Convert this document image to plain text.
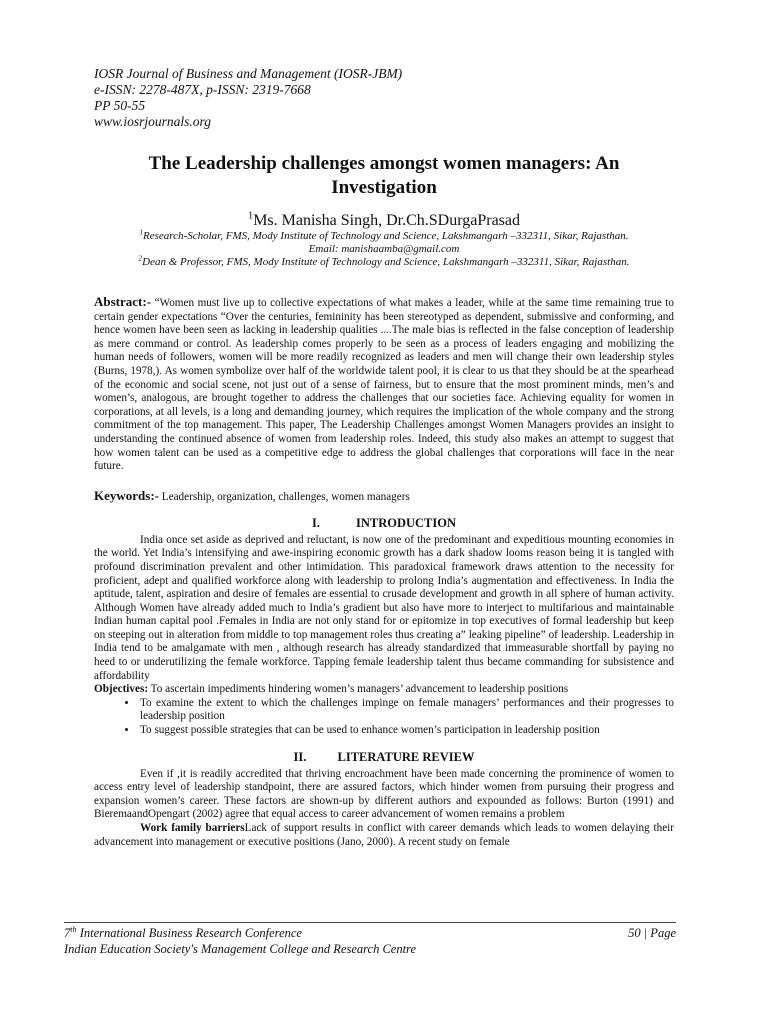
IOSR Journal of Business and Management (IOSR-JBM)
e-ISSN: 2278-487X, p-ISSN: 2319-7668
PP 50-55
www.iosrjournals.org
The Leadership challenges amongst women managers: An Investigation
$^1$Ms. Manisha Singh, Dr.Ch.SDurgaPrasad
$^1$Research-Scholar, FMS, Mody Institute of Technology and Science, Lakshmangarh –332311, Sikar, Rajasthan.
Email: manishaamba@gmail.com
$^2$Dean & Professor, FMS, Mody Institute of Technology and Science, Lakshmangarh –332311, Sikar, Rajasthan.
Abstract:- “Women must live up to collective expectations of what makes a leader, while at the same time remaining true to certain gender expectations “Over the centuries, femininity has been stereotyped as dependent, submissive and conforming, and hence women have been seen as lacking in leadership qualities ....The male bias is reflected in the false conception of leadership as mere command or control. As leadership comes properly to be seen as a process of leaders engaging and mobilizing the human needs of followers, women will be more readily recognized as leaders and men will change their own leadership styles (Burns, 1978,). As women symbolize over half of the worldwide talent pool, it is clear to us that they should be at the spearhead of the economic and social scene, not just out of a sense of fairness, but to ensure that the most prominent minds, men’s and women’s, analogous, are brought together to address the challenges that our societies face. Achieving equality for women in corporations, at all levels, is a long and demanding journey, which requires the implication of the whole company and the strong commitment of the top management. This paper, The Leadership Challenges amongst Women Managers provides an insight to understanding the continued absence of women from leadership roles. Indeed, this study also makes an attempt to suggest that how women talent can be used as a competitive edge to address the global challenges that corporations will face in the near future.
Keywords:- Leadership, organization, challenges, women managers
I.	INTRODUCTION
India once set aside as deprived and reluctant, is now one of the predominant and expeditious mounting economies in the world. Yet India’s intensifying and awe-inspiring economic growth has a dark shadow looms reason being it is tangled with profound discrimination prevalent and other intimidation. This paradoxical framework draws attention to the necessity for proficient, adept and qualified workforce along with leadership to prolong India’s augmentation and effectiveness. In India the aptitude, talent, aspiration and desire of females are essential to crusade development and growth in all sphere of human activity. Although Women have already added much to India’s gradient but also have more to interject to multifarious and maintainable Indian human capital pool .Females in India are not only stand for or epitomize in top executives of formal leadership but keep on steeping out in alteration from middle to top management roles thus creating a” leaking pipeline” of leadership. Leadership in India tend to be amalgamate with men , although research has already standardized that immeasurable shortfall by paying no heed to or underutilizing the female workforce. Tapping female leadership talent thus became commanding for subsistence and affordability
Objectives: To ascertain impediments hindering women’s managers’ advancement to leadership positions
• To examine the extent to which the challenges impinge on female managers’ performances and their progresses to leadership position
• To suggest possible strategies that can be used to enhance women’s participation in leadership position
II. LITERATURE REVIEW
Even if ,it is readily accredited that thriving encroachment have been made concerning the prominence of women to access entry level of leadership standpoint, there are assured factors, which hinder women from pursuing their progress and expansion women’s career. These factors are shown-up by different authors and expounded as follows: Burton (1991) and BieremaandOpengart (2002) agree that equal access to career advancement of women remains a problem
Work family barriersLack of support results in conflict with career demands which leads to women delaying their advancement into management or executive positions (Jano, 2000). A recent study on female
7th International Business Research Conference	50 | Page
Indian Education Society's Management College and Research Centre
